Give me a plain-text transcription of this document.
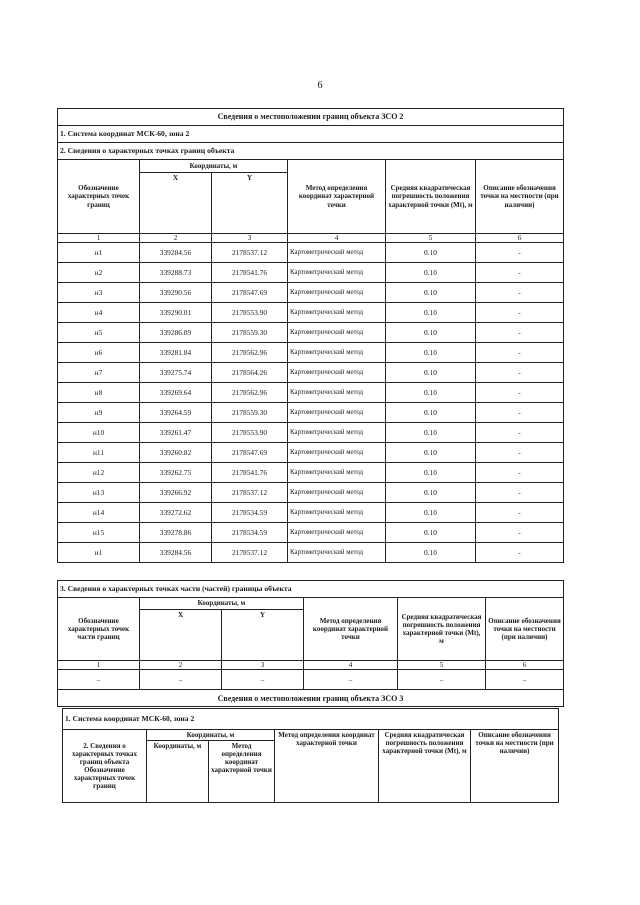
6
Сведения о местоположении границ объекта ЗСО 2					
1. Система координат МСК-60, зона 2					
2. Сведения о характерных точках границ объекта					
Обозначение характерных точек границ	Координаты, м		Метод определения координат характерной точки	Средняя квадратическая погрешность положения характерной точки (Mt), м	Описание обозначения точки на местности (при наличии)
	X	Y			
1	2	3	4	5	6
н1	339284.56	2178537.12	Картометрический метод	0.10	-
н2	339288.73	2178541.76	Картометрический метод	0.10	-
н3	339290.56	2178547.69	Картометрический метод	0.10	-
н4	339290.01	2178553.90	Картометрический метод	0.10	-
н5	339286.89	2178559.30	Картометрический метод	0.10	-
н6	339281.84	2178562.96	Картометрический метод	0.10	-
н7	339275.74	2178564.26	Картометрический метод	0.10	-
н8	339269.64	2178562.96	Картометрический метод	0.10	-
н9	339264.59	2178559.30	Картометрический метод	0.10	-
н10	339261.47	2178553.90	Картометрический метод	0.10	-
н11	339260.82	2178547.69	Картометрический метод	0.10	-
н12	339262.75	2178541.76	Картометрический метод	0.10	-
н13	339266.92	2178537.12	Картометрический метод	0.10	-
н14	339272.62	2178534.59	Картометрический метод	0.10	-
н15	339278.86	2178534.59	Картометрический метод	0.10	-
н1	339284.56	2178537.12	Картометрический метод	0.10	-
3. Сведения о характерных точках части (частей) границы объекта					
Обозначение характерных точек части границ	Координаты, м		Метод определения координат характерной точки	Средняя квадратическая погрешность положения характерной точки (Mt), м	Описание обозначения точки на местности (при наличии)
	X	Y			
1	2	3	4	5	6
–	–	–	–	–	–
Сведения о местоположении границ объекта ЗСО 3					
1. Система координат МСК-60, зона 2					
2. Сведения о характерных точках границ объекта Обозначение характерных точек границ	Координаты, м		Метод определения координат характерной точки	Средняя квадратическая погрешность положения характерной точки (Mt), м	Описание обозначения точки на местности (при наличии)
	Координаты, м	Метод определения координат характерной точки			
